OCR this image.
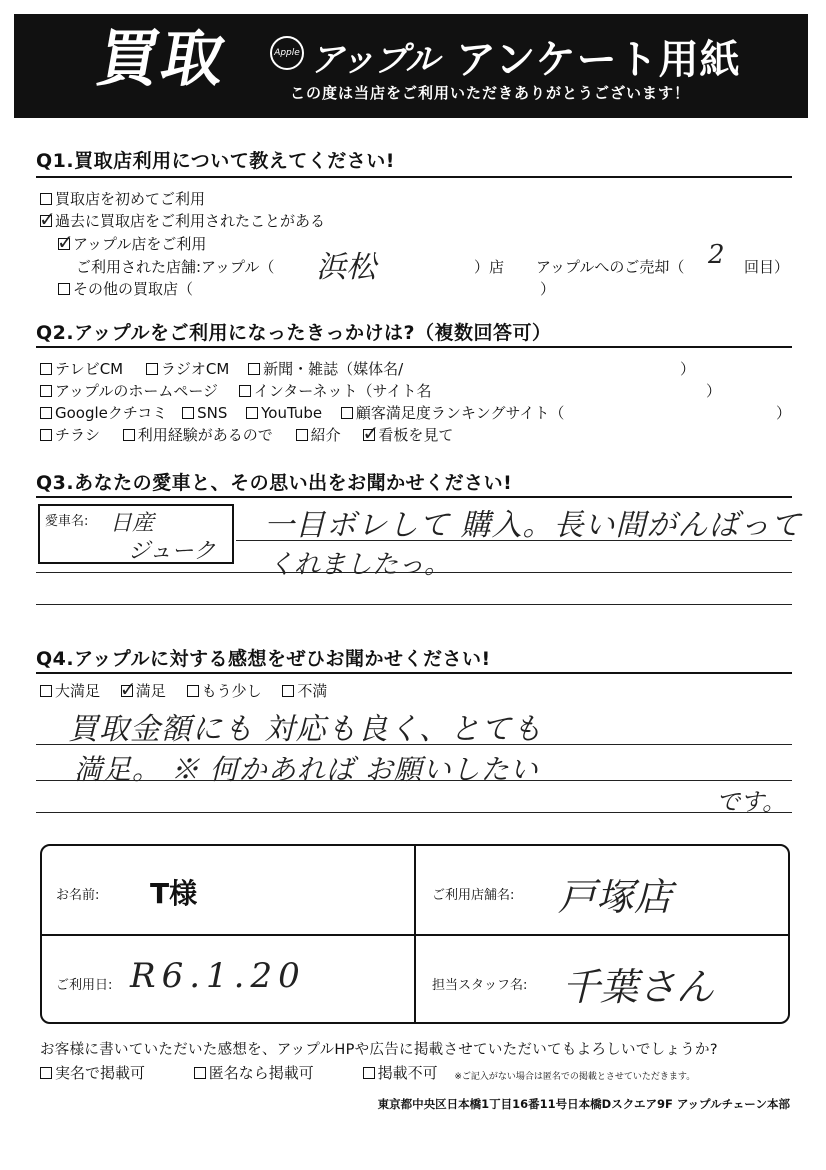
買取	Apple アップル アンケート用紙
この度は当店をご利用いただきありがとうございます！
Q1.買取店利用について教えてください!
買取店を初めてご利用
✓ 過去に買取店をご利用されたことがある
✓ アップル店をご利用
ご利用された店舗:アップル（ 浜松	）店 アップルへのご売却（ 2 回目）
その他の買取店（	）
Q2.アップルをご利用になったきっかけは?（複数回答可）
テレビCM
	ラジオCM
新聞・雑誌（媒体名/	）
アップルのホームページ
インターネット（サイト名	）
Googleクチコミ
SNS
YouTube
顧客満足度ランキングサイト（	）
チラシ
	利用経験があるので
	紹介
✓ 看板を見て
Q3.あなたの愛車と、その思い出をお聞かせください!
愛車名: 日産
ジューク
一目ボレして 購入。長い間がんばって
くれましたっ。
Q4.アップルに対する感想をぜひお聞かせください!
大満足
✓ 満足
もう少し
不満
買取金額にも 対応も良く、とても
満足。 ※ 何かあれば お願いしたい
です。
お名前: T様	ご利用店舗名: 戸塚店
ご利用日: R6.1.20	担当スタッフ名: 千葉さん
お客様に書いていただいた感想を、アップルHPや広告に掲載させていただいてもよろしいでしょうか?
実名で掲載可
	匿名なら掲載可
	掲載不可 ※ご記入がない場合は匿名での掲載とさせていただきます。
東京都中央区日本橋1丁目16番11号日本橋Dスクエア9F アップルチェーン本部
